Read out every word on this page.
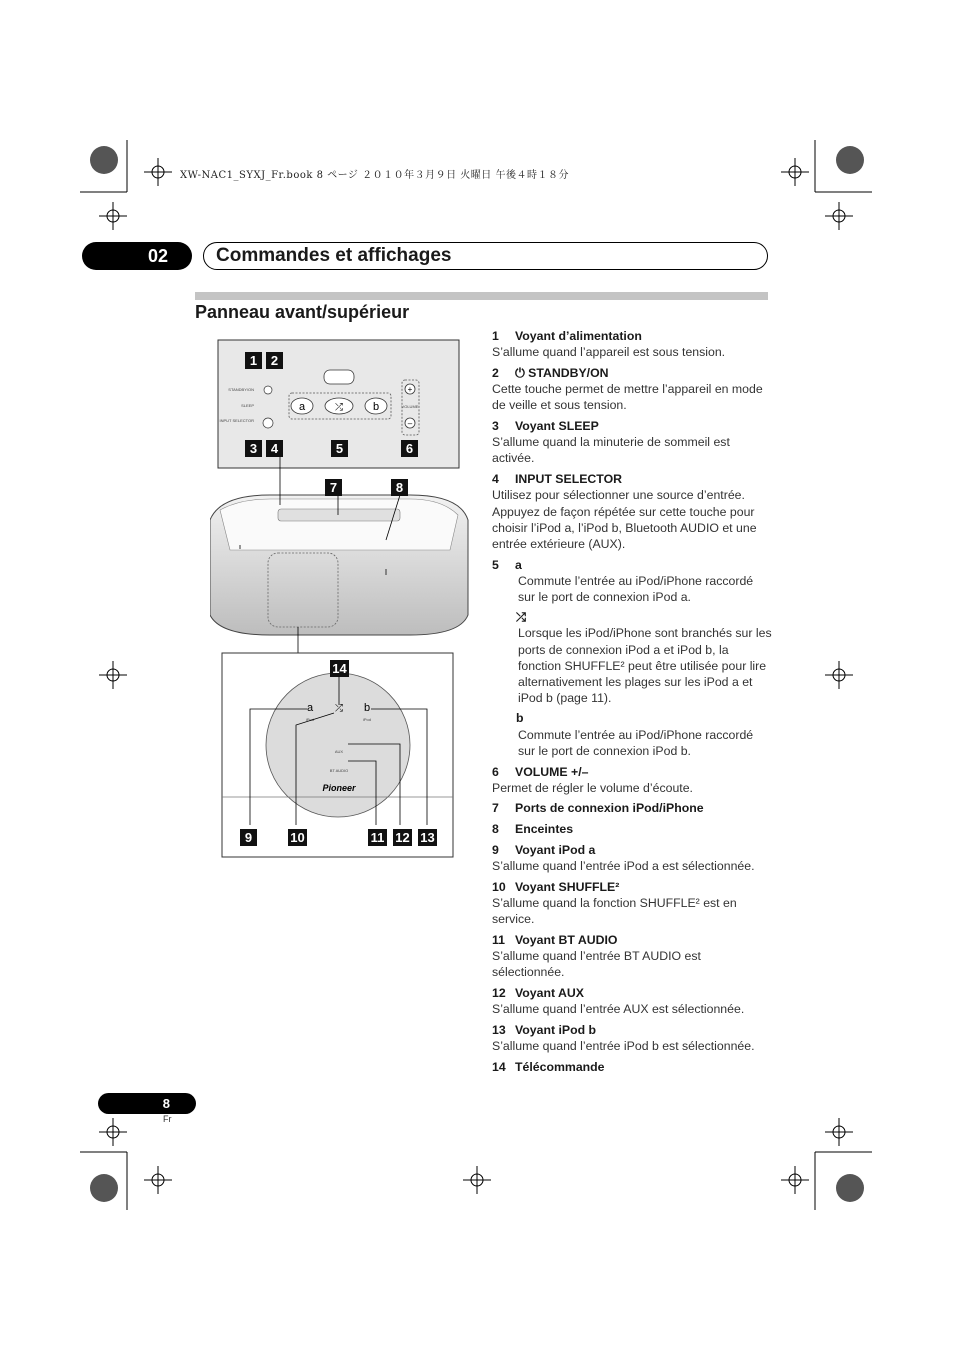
XW-NAC1_SYXJ_Fr.book 8 ページ ２０１０年３月９日 火曜日 午後４時１８分
02	Commandes et affichages
Panneau avant/supérieur
a	⤮	b
+
VOLUME
–
STANDBY/ON
SLEEP
INPUT SELECTOR
a
iPod
⤮ b
iPod
AUX
BT AUDIO
Pioneer
1 2
3 4	5	6
7	8
9	10	11 12 13
14
1 Voyant d’alimentation
S’allume quand l’appareil est sous tension.
2 ⏻ STANDBY/ON
Cette touche permet de mettre l’appareil en mode de veille et sous tension.
3 Voyant SLEEP
S’allume quand la minuterie de sommeil est activée.
4 INPUT SELECTOR
Utilisez pour sélectionner une source d’entrée. Appuyez de façon répétée sur cette touche pour choisir l’iPod a, l’iPod b, Bluetooth AUDIO et une entrée extérieure (AUX).
5 a
Commute l’entrée au iPod/iPhone raccordé sur le port de connexion iPod a.
⤮
Lorsque les iPod/iPhone sont branchés sur les ports de connexion iPod a et iPod b, la fonction SHUFFLE² peut être utilisée pour lire alternativement les plages sur les iPod a et iPod b (page 11).
b
Commute l’entrée au iPod/iPhone raccordé sur le port de connexion iPod b.
6 VOLUME +/–
Permet de régler le volume d’écoute.
7 Ports de connexion iPod/iPhone
8 Enceintes
9 Voyant iPod a
S’allume quand l’entrée iPod a est sélectionnée.
10 Voyant SHUFFLE²
S’allume quand la fonction SHUFFLE² est en service.
11 Voyant BT AUDIO
S’allume quand l’entrée BT AUDIO est sélectionnée.
12 Voyant AUX
S’allume quand l’entrée AUX est sélectionnée.
13 Voyant iPod b
S’allume quand l’entrée iPod b est sélectionnée.
14 Télécommande
8
Fr
